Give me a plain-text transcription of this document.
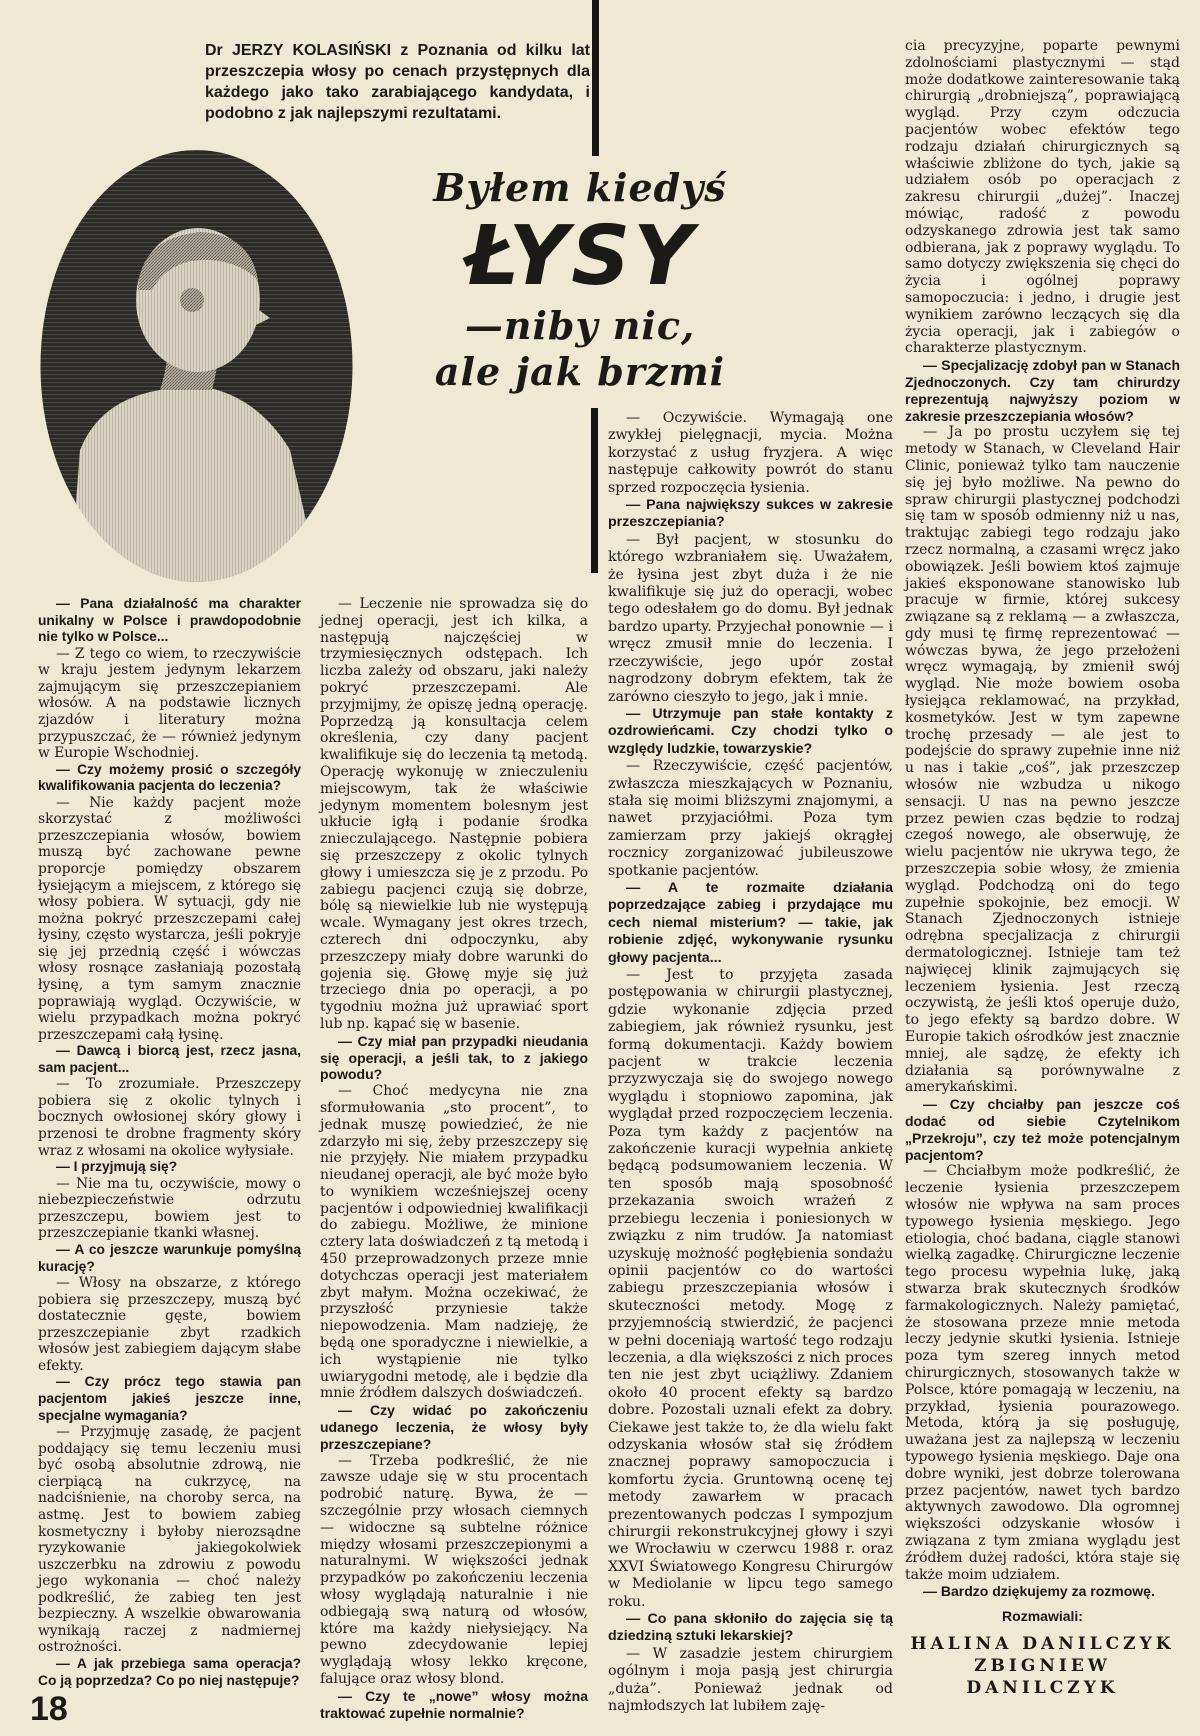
Dr JERZY KOLASIŃSKI z Poznania od kilku lat przeszczepia włosy po cenach przystępnych dla każdego jako tako zarabiającego kandydata, i podobno z jak najlepszymi rezultatami.
Byłem kiedyś
ŁYSY
—niby nic,
ale jak brzmi

— Pana działalność ma charakter unikalny w Polsce i prawdopodobnie nie tylko w Polsce...

— Z tego co wiem, to rzeczywiście w kraju jestem jedynym lekarzem zajmującym się przeszczepianiem włosów. A na podstawie licznych zjazdów i literatury można przypuszczać, że — również jedynym w Europie Wschodniej.

— Czy możemy prosić o szczegóły kwalifikowania pacjenta do leczenia?

— Nie każdy pacjent może skorzystać z możliwości przeszczepiania włosów, bowiem muszą być zachowane pewne proporcje pomiędzy obszarem łysiejącym a miejscem, z którego się włosy pobiera. W sytuacji, gdy nie można pokryć przeszczepami całej łysiny, często wystarcza, jeśli pokryje się jej przednią część i wówczas włosy rosnące zasłaniają pozostałą łysinę, a tym samym znacznie poprawiają wygląd. Oczywiście, w wielu przypadkach można pokryć przeszczepami całą łysinę.

— Dawcą i biorcą jest, rzecz jasna, sam pacjent...

— To zrozumiałe. Przeszczepy pobiera się z okolic tylnych i bocznych owłosionej skóry głowy i przenosi te drobne fragmenty skóry wraz z włosami na okolice wyłysiałe.

— I przyjmują się?

— Nie ma tu, oczywiście, mowy o niebezpieczeństwie odrzutu przeszczepu, bowiem jest to przeszczepianie tkanki własnej.

— A co jeszcze warunkuje pomyślną kurację?

— Włosy na obszarze, z którego pobiera się przeszczepy, muszą być dostatecznie gęste, bowiem przeszczepianie zbyt rzadkich włosów jest zabiegiem dającym słabe efekty.

— Czy prócz tego stawia pan pacjentom jakieś jeszcze inne, specjalne wymagania?

— Przyjmuję zasadę, że pacjent poddający się temu leczeniu musi być osobą absolutnie zdrową, nie cierpiącą na cukrzycę, na nadciśnienie, na choroby serca, na astmę. Jest to bowiem zabieg kosmetyczny i byłoby nierozsądne ryzykowanie jakiegokolwiek uszczerbku na zdrowiu z powodu jego wykonania — choć należy podkreślić, że zabieg ten jest bezpieczny. A wszelkie obwarowania wynikają raczej z nadmiernej ostrożności.

— A jak przebiega sama operacja? Co ją poprzedza? Co po niej następuje?

— Leczenie nie sprowadza się do jednej operacji, jest ich kilka, a następują najczęściej w trzymiesięcznych odstępach. Ich liczba zależy od obszaru, jaki należy pokryć przeszczepami. Ale przyjmijmy, że opiszę jedną operację. Poprzedzą ją konsultacja celem określenia, czy dany pacjent kwalifikuje się do leczenia tą metodą. Operację wykonuję w znieczuleniu miejscowym, tak że właściwie jedynym momentem bolesnym jest ukłucie igłą i podanie środka znieczulającego. Następnie pobiera się przeszczepy z okolic tylnych głowy i umieszcza się je z przodu. Po zabiegu pacjenci czują się dobrze, bólę są niewielkie lub nie występują wcale. Wymagany jest okres trzech, czterech dni odpoczynku, aby przeszczepy miały dobre warunki do gojenia się. Głowę myje się już trzeciego dnia po operacji, a po tygodniu można już uprawiać sport lub np. kąpać się w basenie.

— Czy miał pan przypadki nieudania się operacji, a jeśli tak, to z jakiego powodu?

— Choć medycyna nie zna sformułowania „sto procent”, to jednak muszę powiedzieć, że nie zdarzyło mi się, żeby przeszczepy się nie przyjęły. Nie miałem przypadku nieudanej operacji, ale być może było to wynikiem wcześniejszej oceny pacjentów i odpowiedniej kwalifikacji do zabiegu. Możliwe, że minione cztery lata doświadczeń z tą metodą i 450 przeprowadzonych przeze mnie dotychczas operacji jest materiałem zbyt małym. Można oczekiwać, że przyszłość przyniesie także niepowodzenia. Mam nadzieję, że będą one sporadyczne i niewielkie, a ich wystąpienie nie tylko uwiarygodni metodę, ale i będzie dla mnie źródłem dalszych doświadczeń.

— Czy widać po zakończeniu udanego leczenia, że włosy były przeszczepiane?

— Trzeba podkreślić, że nie zawsze udaje się w stu procentach podrobić naturę. Bywa, że — szczególnie przy włosach ciemnych — widoczne są subtelne różnice między włosami przeszczepionymi a naturalnymi. W większości jednak przypadków po zakończeniu leczenia włosy wyglądają naturalnie i nie odbiegają swą naturą od włosów, które ma każdy niełysiejący. Na pewno zdecydowanie lepiej wyglądają włosy lekko kręcone, falujące oraz włosy blond.

— Czy te „nowe” włosy można traktować zupełnie normalnie?

— Oczywiście. Wymagają one zwykłej pielęgnacji, mycia. Można korzystać z usług fryzjera. A więc następuje całkowity powrót do stanu sprzed rozpoczęcia łysienia.

— Pana największy sukces w zakresie przeszczepiania?

— Był pacjent, w stosunku do którego wzbraniałem się. Uważałem, że łysina jest zbyt duża i że nie kwalifikuje się już do operacji, wobec tego odesłałem go do domu. Był jednak bardzo uparty. Przyjechał ponownie — i wręcz zmusił mnie do leczenia. I rzeczywiście, jego upór został nagrodzony dobrym efektem, tak że zarówno cieszyło to jego, jak i mnie.

— Utrzymuje pan stałe kontakty z ozdrowieńcami. Czy chodzi tylko o względy ludzkie, towarzyskie?

— Rzeczywiście, część pacjentów, zwłaszcza mieszkających w Poznaniu, stała się moimi bliższymi znajomymi, a nawet przyjaciółmi. Poza tym zamierzam przy jakiejś okrągłej rocznicy zorganizować jubileuszowe spotkanie pacjentów.

— A te rozmaite działania poprzedzające zabieg i przydające mu cech niemal misterium? — takie, jak robienie zdjęć, wykonywanie rysunku głowy pacjenta...

— Jest to przyjęta zasada postępowania w chirurgii plastycznej, gdzie wykonanie zdjęcia przed zabiegiem, jak również rysunku, jest formą dokumentacji. Każdy bowiem pacjent w trakcie leczenia przyzwyczaja się do swojego nowego wyglądu i stopniowo zapomina, jak wyglądał przed rozpoczęciem leczenia. Poza tym każdy z pacjentów na zakończenie kuracji wypełnia ankietę będącą podsumowaniem leczenia. W ten sposób mają sposobność przekazania swoich wrażeń z przebiegu leczenia i poniesionych w związku z nim trudów. Ja natomiast uzyskuję możność pogłębienia sondażu opinii pacjentów co do wartości zabiegu przeszczepiania włosów i skuteczności metody. Mogę z przyjemnością stwierdzić, że pacjenci w pełni doceniają wartość tego rodzaju leczenia, a dla większości z nich proces ten nie jest zbyt uciążliwy. Zdaniem około 40 procent efekty są bardzo dobre. Pozostali uznali efekt za dobry. Ciekawe jest także to, że dla wielu fakt odzyskania włosów stał się źródłem znacznej poprawy samopoczucia i komfortu życia. Gruntowną ocenę tej metody zawarłem w pracach prezentowanych podczas I sympozjum chirurgii rekonstrukcyjnej głowy i szyi we Wrocławiu w czerwcu 1988 r. oraz XXVI Światowego Kongresu Chirurgów w Mediolanie w lipcu tego samego roku.

— Co pana skłoniło do zajęcia się tą dziedziną sztuki lekarskiej?

— W zasadzie jestem chirurgiem ogólnym i moja pasją jest chirurgia „duża”. Ponieważ jednak od najmłodszych lat lubiłem zaję-

cia precyzyjne, poparte pewnymi zdolnościami plastycznymi — stąd może dodatkowe zainteresowanie taką chirurgią „drobniejszą”, poprawiającą wygląd. Przy czym odczucia pacjentów wobec efektów tego rodzaju działań chirurgicznych są właściwie zbliżone do tych, jakie są udziałem osób po operacjach z zakresu chirurgii „dużej”. Inaczej mówiąc, radość z powodu odzyskanego zdrowia jest tak samo odbierana, jak z poprawy wyglądu. To samo dotyczy zwiększenia się chęci do życia i ogólnej poprawy samopoczucia: i jedno, i drugie jest wynikiem zarówno leczących się dla życia operacji, jak i zabiegów o charakterze plastycznym.

— Specjalizację zdobył pan w Stanach Zjednoczonych. Czy tam chirurdzy reprezentują najwyższy poziom w zakresie przeszczepiania włosów?

— Ja po prostu uczyłem się tej metody w Stanach, w Cleveland Hair Clinic, ponieważ tylko tam nauczenie się jej było możliwe. Na pewno do spraw chirurgii plastycznej podchodzi się tam w sposób odmienny niż u nas, traktując zabiegi tego rodzaju jako rzecz normalną, a czasami wręcz jako obowiązek. Jeśli bowiem ktoś zajmuje jakieś eksponowane stanowisko lub pracuje w firmie, której sukcesy związane są z reklamą — a zwłaszcza, gdy musi tę firmę reprezentować — wówczas bywa, że jego przełożeni wręcz wymagają, by zmienił swój wygląd. Nie może bowiem osoba łysiejąca reklamować, na przykład, kosmetyków. Jest w tym zapewne trochę przesady — ale jest to podejście do sprawy zupełnie inne niż u nas i takie „coś”, jak przeszczep włosów nie wzbudza u nikogo sensacji. U nas na pewno jeszcze przez pewien czas będzie to rodzaj czegoś nowego, ale obserwuję, że wielu pacjentów nie ukrywa tego, że przeszczepia sobie włosy, że zmienia wygląd. Podchodzą oni do tego zupełnie spokojnie, bez emocji. W Stanach Zjednoczonych istnieje odrębna specjalizacja z chirurgii dermatologicznej. Istnieje tam też najwięcej klinik zajmujących się leczeniem łysienia. Jest rzeczą oczywistą, że jeśli ktoś operuje dużo, to jego efekty są bardzo dobre. W Europie takich ośrodków jest znacznie mniej, ale sądzę, że efekty ich działania są porównywalne z amerykańskimi.

— Czy chciałby pan jeszcze coś dodać od siebie Czytelnikom „Przekroju”, czy też może potencjalnym pacjentom?

— Chciałbym może podkreślić, że leczenie łysienia przeszczepem włosów nie wpływa na sam proces typowego łysienia męskiego. Jego etiologia, choć badana, ciągle stanowi wielką zagadkę. Chirurgiczne leczenie tego procesu wypełnia lukę, jaką stwarza brak skutecznych środków farmakologicznych. Należy pamiętać, że stosowana przeze mnie metoda leczy jedynie skutki łysienia. Istnieje poza tym szereg innych metod chirurgicznych, stosowanych także w Polsce, które pomagają w leczeniu, na przykład, łysienia pourazowego. Metoda, którą ja się posługuję, uważana jest za najlepszą w leczeniu typowego łysienia męskiego. Daje ona dobre wyniki, jest dobrze tolerowana przez pacjentów, nawet tych bardzo aktywnych zawodowo. Dla ogromnej większości odzyskanie włosów i związana z tym zmiana wyglądu jest źródłem dużej radości, która staje się także moim udziałem.

— Bardzo dziękujemy za rozmowę.

Rozmawiali:
HALINA DANILCZYK
ZBIGNIEW DANILCZYK
18
